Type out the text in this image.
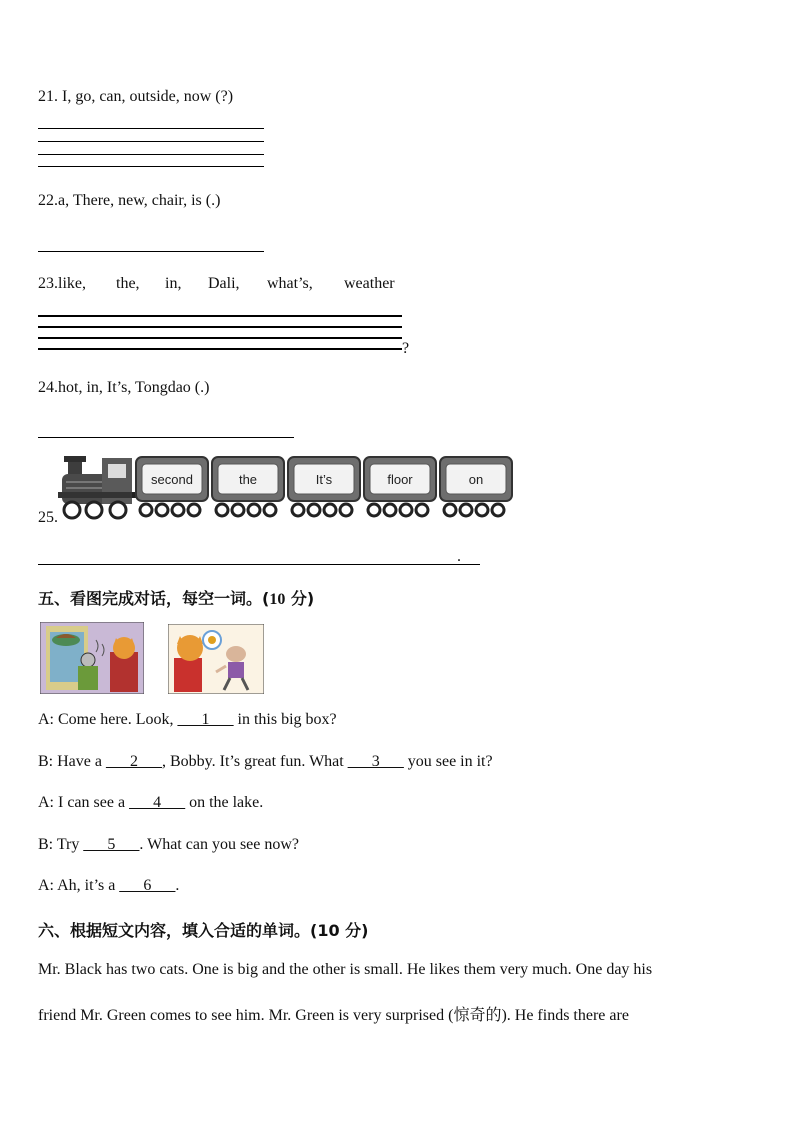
21. I, go, can, outside, now (?)
22.a, There, new, chair, is (.)
23.like, the, in, Dali, what’s, weather
?
24.hot, in, It’s, Tongdao (.)
25.
second	the	It’s	floor	on
.
五、看图完成对话，每空一词。(10 分)
A: Come here. Look, ___1___ in this big box?
B: Have a ___2___, Bobby. It’s great fun. What ___3___ you see in it?
A: I can see a ___4___ on the lake.
B: Try ___5___. What can you see now?
A: Ah, it’s a ___6___.
六、根据短文内容，填入合适的单词。(10 分)
Mr. Black has two cats. One is big and the other is small. He likes them very much. One day his
friend Mr. Green comes to see him. Mr. Green is very surprised (惊奇的). He finds there are
